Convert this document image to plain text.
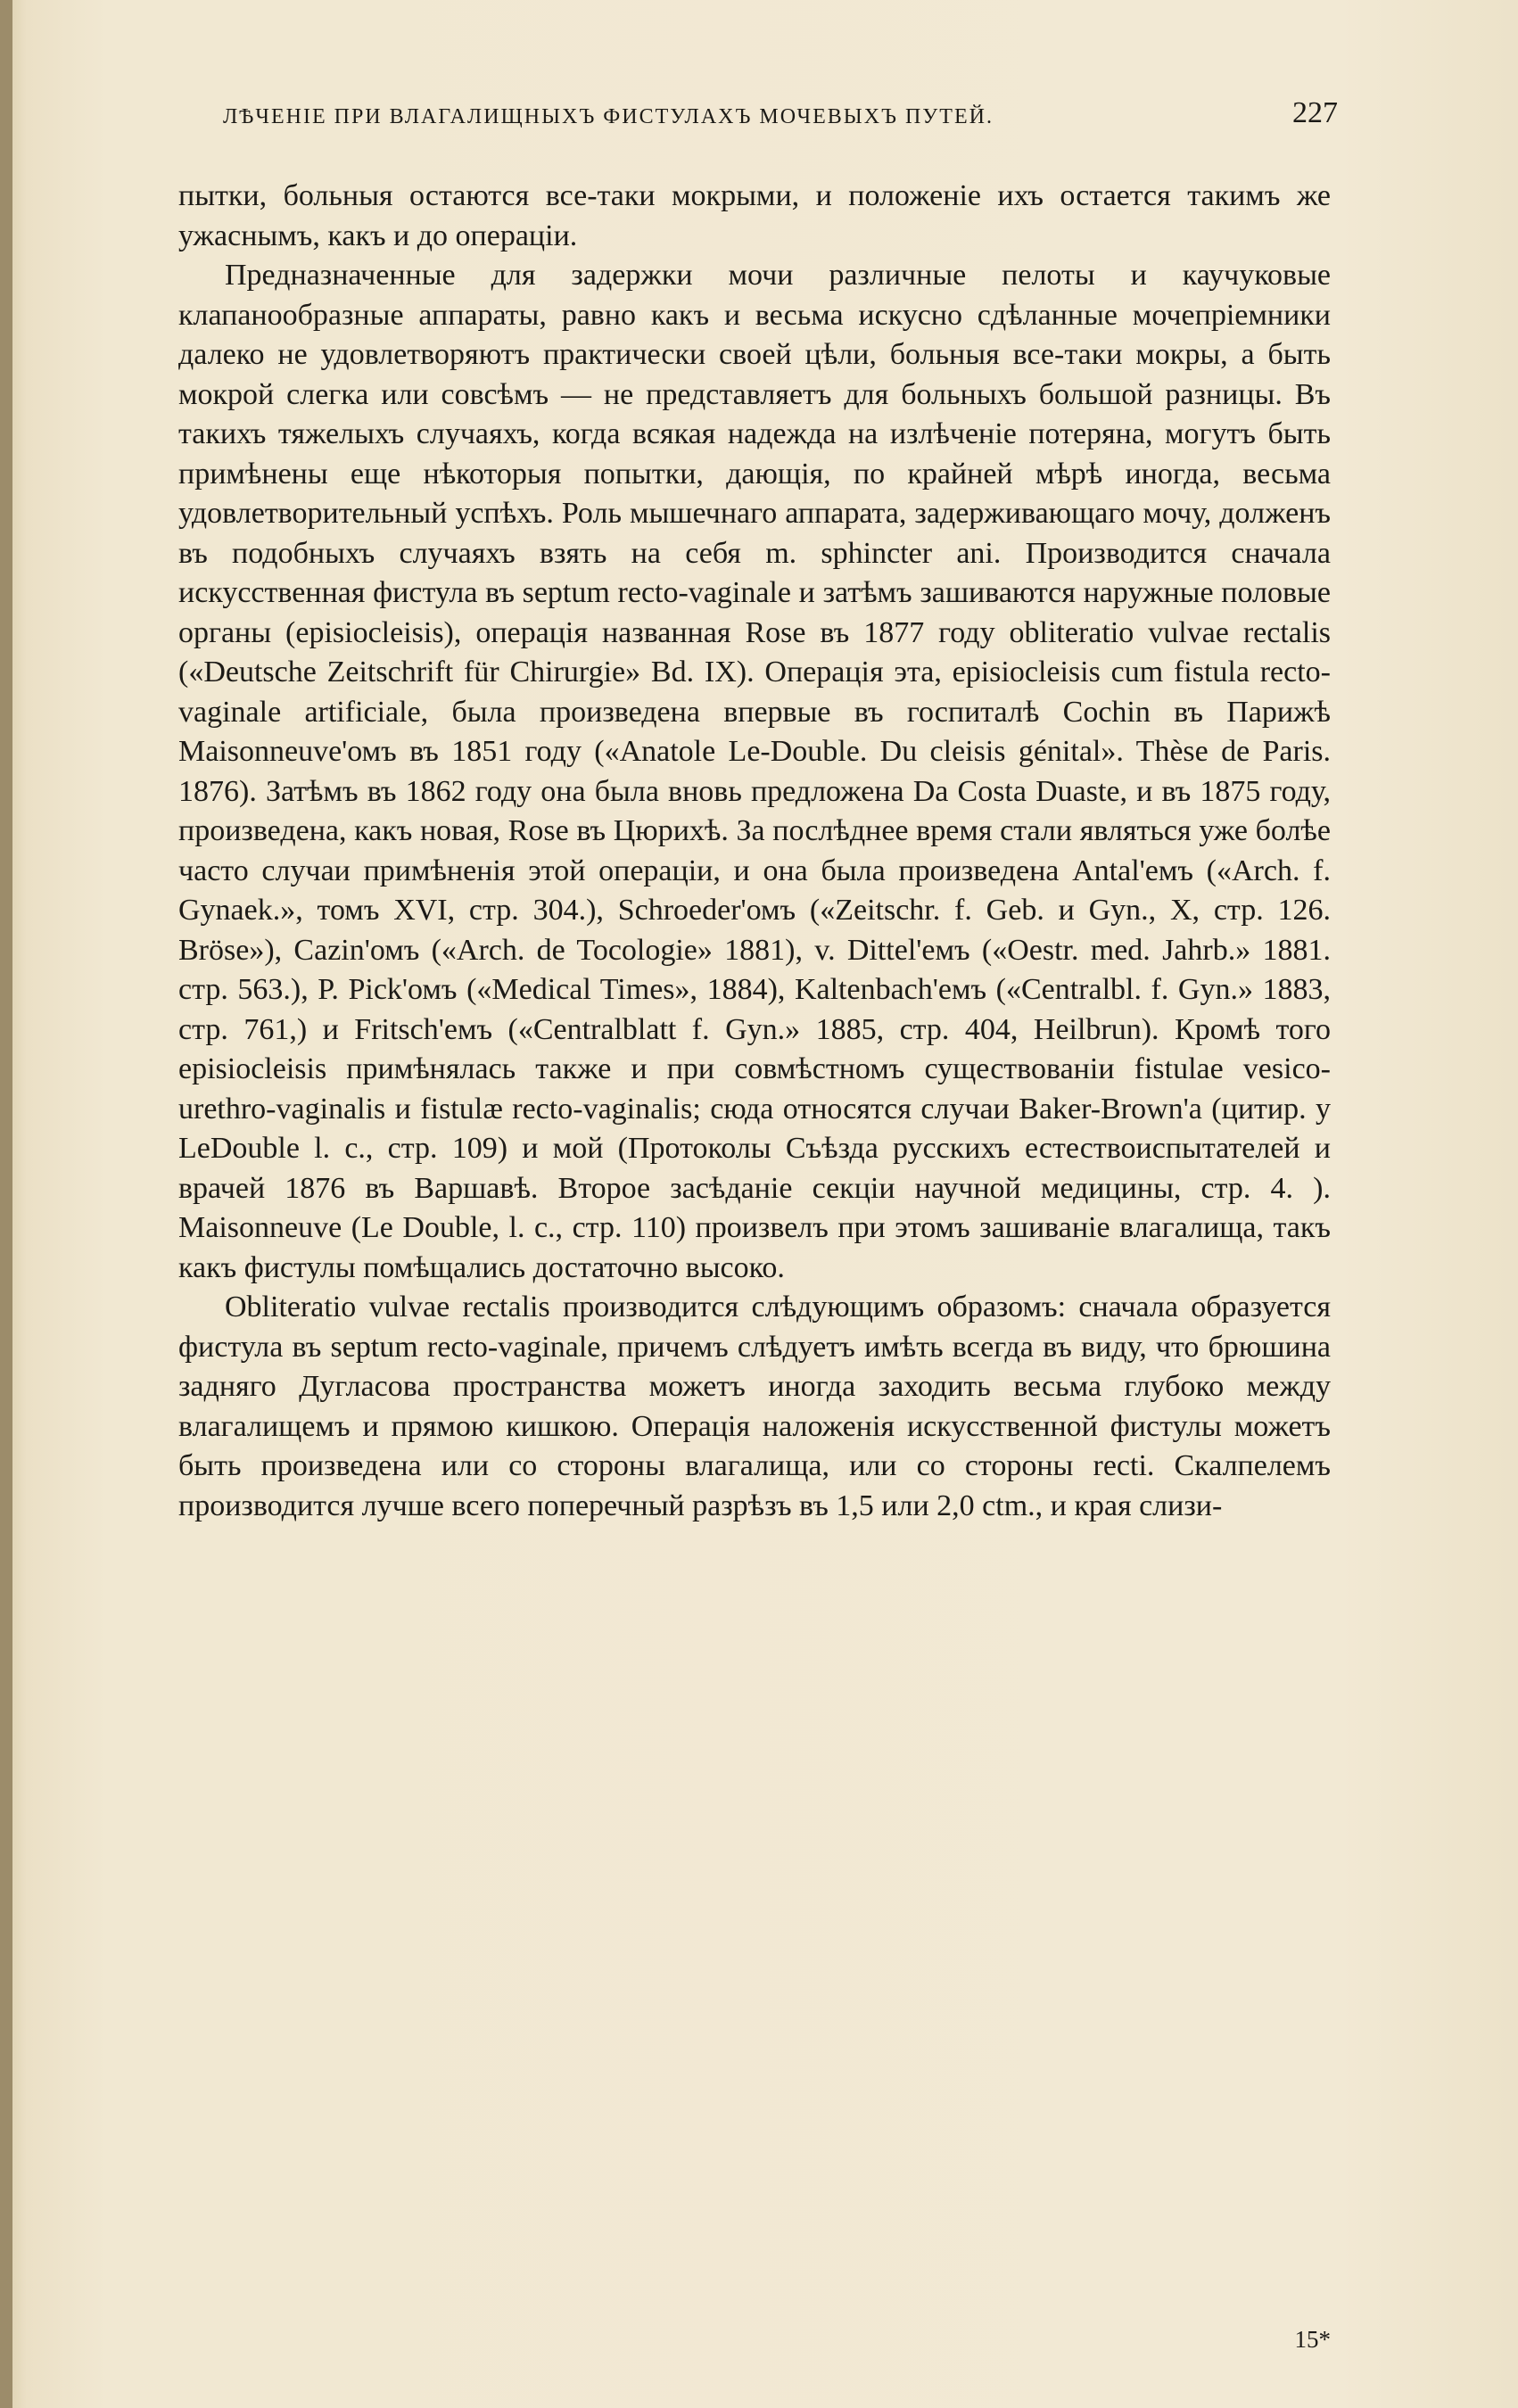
ЛѢЧЕНІЕ ПРИ ВЛАГАЛИЩНЫХЪ ФИСТУЛАХЪ МОЧЕВЫХЪ ПУТЕЙ.	227

пытки, больныя остаются все-таки мокрыми, и положеніе ихъ остается такимъ же ужаснымъ, какъ и до операціи.

Предназначенные для задержки мочи различные пелоты и каучуковые клапанообразные аппараты, равно какъ и весьма искусно сдѣланные мочепріемники далеко не удовлетворяютъ практически своей цѣли, больныя все-таки мокры, а быть мокрой слегка или совсѣмъ — не представляетъ для больныхъ большой разницы. Въ такихъ тяжелыхъ случаяхъ, когда всякая надежда на излѣченіе потеряна, могутъ быть примѣнены еще нѣкоторыя попытки, дающія, по крайней мѣрѣ иногда, весьма удовлетворительный успѣхъ. Роль мышечнаго аппарата, задерживающаго мочу, долженъ въ подобныхъ случаяхъ взять на себя m. sphincter ani. Производится сначала искусственная фистула въ septum recto-vaginale и затѣмъ зашиваются наружные половые органы (episiocleisis), операція названная Rose въ 1877 году obliteratio vulvae rectalis («Deutsche Zeitschrift für Chirurgie» Bd. IX). Операція эта, episiocleisis cum fistula recto-vaginale artificiale, была произведена впервые въ госпиталѣ Cochin въ Парижѣ Maisonneuve'омъ въ 1851 году («Anatole Le-Double. Du cleisis génital». Thèse de Paris. 1876). Затѣмъ въ 1862 году она была вновь предложена Da Costa Duaste, и въ 1875 году, произведена, какъ новая, Rose въ Цюрихѣ. За послѣднее время стали являться уже болѣе часто случаи примѣненія этой операціи, и она была произведена Antal'емъ («Arch. f. Gynaek.», томъ XVI, стр. 304.), Schroeder'омъ («Zeitschr. f. Geb. и Gyn., X, стр. 126. Bröse»), Cazin'омъ («Arch. de Tocologie» 1881), v. Dittel'емъ («Oestr. med. Jahrb.» 1881. стр. 563.), P. Pick'омъ («Medical Times», 1884), Kaltenbach'емъ («Centralbl. f. Gyn.» 1883, стр. 761,) и Fritsch'емъ («Centralblatt f. Gyn.» 1885, стр. 404, Heilbrun). Кромѣ того episiocleisis примѣнялась также и при совмѣстномъ существованіи fistulae vesico-urethro-vaginalis и fistulæ recto-vaginalis; сюда относятся случаи Baker-Brown'а (цитир. у LeDouble l. c., стр. 109) и мой (Протоколы Съѣзда русскихъ естествоиспытателей и врачей 1876 въ Варшавѣ. Второе засѣданіе секціи научной медицины, стр. 4. ). Maisonneuve (Le Double, l. c., стр. 110) произвелъ при этомъ зашиваніе влагалища, такъ какъ фистулы помѣщались достаточно высоко.

Obliteratio vulvae rectalis производится слѣдующимъ образомъ: сначала образуется фистула въ septum recto-vaginale, причемъ слѣдуетъ имѣть всегда въ виду, что брюшина задняго Дугласова пространства можетъ иногда заходить весьма глубоко между влагалищемъ и прямою кишкою. Операція наложенія искусственной фистулы можетъ быть произведена или со стороны влагалища, или со стороны recti. Скалпелемъ производится лучше всего поперечный разрѣзъ въ 1,5 или 2,0 ctm., и края слизи-

15*
